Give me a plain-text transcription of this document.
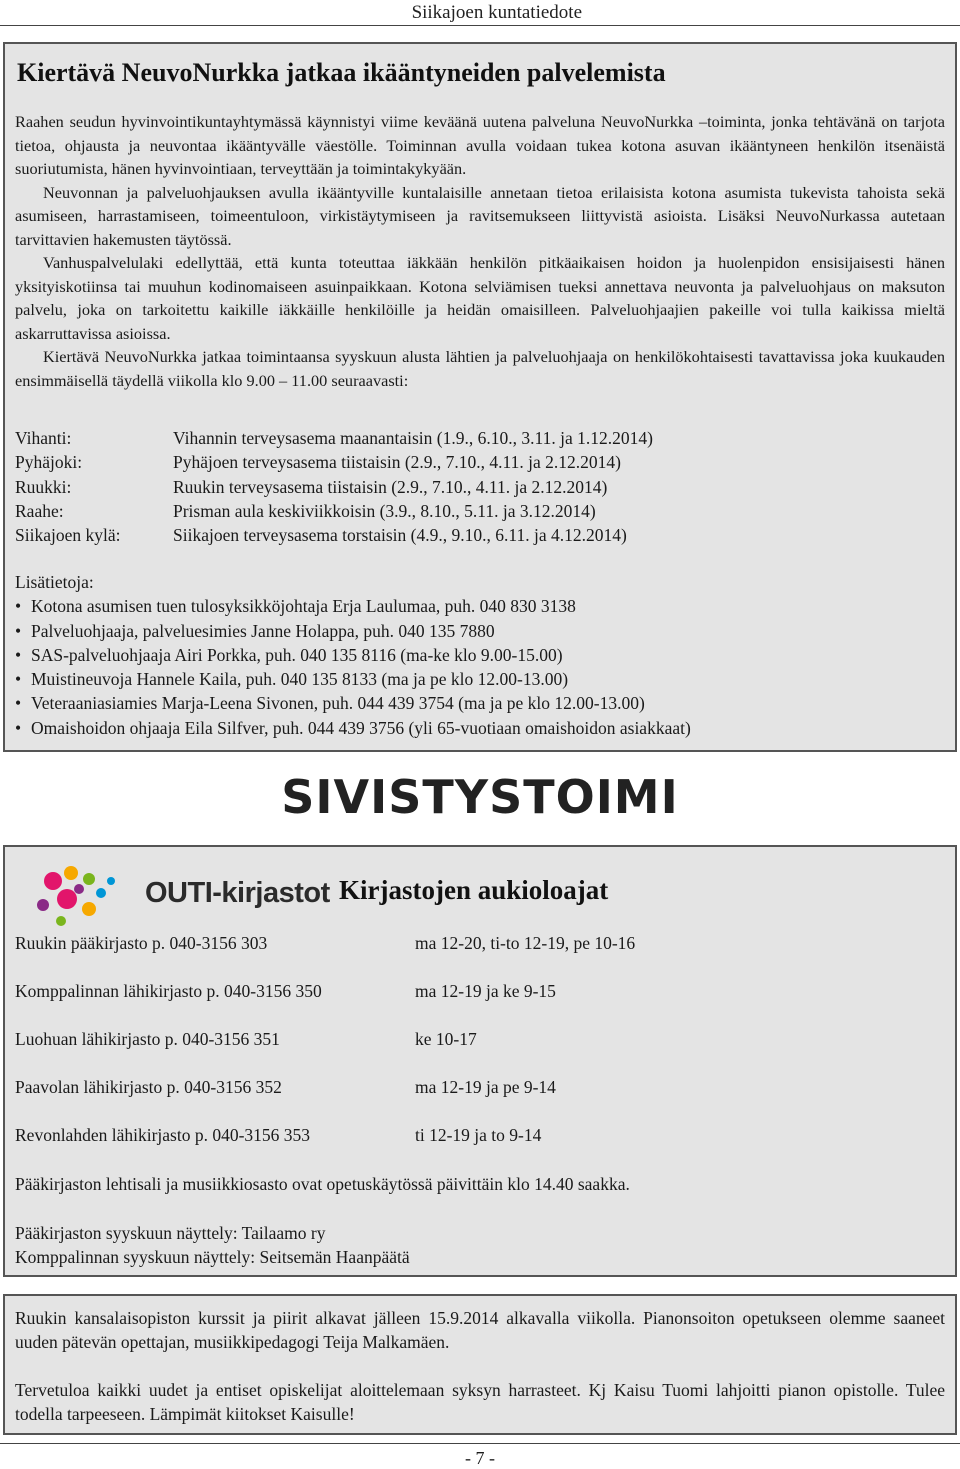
Siikajoen kuntatiedote
Kiertävä NeuvoNurkka jatkaa ikääntyneiden palvelemista

Raahen seudun hyvinvointikuntayhtymässä käynnistyi viime keväänä uutena palveluna NeuvoNurkka –toiminta, jonka tehtävänä on tarjota tietoa, ohjausta ja neuvontaa ikääntyvälle väestölle. Toiminnan avulla voidaan tukea kotona asuvan ikääntyneen henkilön itsenäistä suoriutumista, hänen hyvinvointiaan, terveyttään ja toimintakykyään.

Neuvonnan ja palveluohjauksen avulla ikääntyville kuntalaisille annetaan tietoa erilaisista kotona asumista tukevista tahoista sekä asumiseen, harrastamiseen, toimeentuloon, virkistäytymiseen ja ravitsemukseen liittyvistä asioista. Lisäksi NeuvoNurkassa autetaan tarvittavien hakemusten täytössä.

Vanhuspalvelulaki edellyttää, että kunta toteuttaa iäkkään henkilön pitkäaikaisen hoidon ja huolenpidon ensisijaisesti hänen yksityiskotiinsa tai muuhun kodinomaiseen asuinpaikkaan. Kotona selviämisen tueksi annettava neuvonta ja palveluohjaus on maksuton palvelu, joka on tarkoitettu kaikille iäkkäille henkilöille ja heidän omaisilleen. Palveluohjaajien pakeille voi tulla kaikissa mieltä askarruttavissa asioissa.

Kiertävä NeuvoNurkka jatkaa toimintaansa syyskuun alusta lähtien ja palveluohjaaja on henkilökohtaisesti tavattavissa joka kuukauden ensimmäisellä täydellä viikolla klo 9.00 – 11.00 seuraavasti:

Vihanti:	Vihannin terveysasema maanantaisin (1.9., 6.10., 3.11. ja 1.12.2014)
Pyhäjoki:	Pyhäjoen terveysasema tiistaisin (2.9., 7.10., 4.11. ja 2.12.2014)
Ruukki:	Ruukin terveysasema tiistaisin (2.9., 7.10., 4.11. ja 2.12.2014)
Raahe:	Prisman aula keskiviikkoisin (3.9., 8.10., 5.11. ja 3.12.2014)
Siikajoen kylä:	Siikajoen terveysasema torstaisin (4.9., 9.10., 6.11. ja 4.12.2014)
Lisätietoja:
• Kotona asumisen tuen tulosyksikköjohtaja Erja Laulumaa, puh. 040 830 3138
• Palveluohjaaja, palveluesimies Janne Holappa, puh. 040 135 7880
• SAS-palveluohjaaja Airi Porkka, puh. 040 135 8116 (ma-ke klo 9.00-15.00)
• Muistineuvoja Hannele Kaila, puh. 040 135 8133 (ma ja pe klo 12.00-13.00)
• Veteraaniasiamies Marja-Leena Sivonen, puh. 044 439 3754 (ma ja pe klo 12.00-13.00)
• Omaishoidon ohjaaja Eila Silfver, puh. 044 439 3756 (yli 65-vuotiaan omaishoidon asiakkaat)
SIVISTYSTOIMI
OUTI-kirjastot Kirjastojen aukioloajat
Ruukin pääkirjasto p. 040-3156 303	ma 12-20, ti-to 12-19, pe 10-16
Komppalinnan lähikirjasto p. 040-3156 350	ma 12-19 ja ke 9-15
Luohuan lähikirjasto p. 040-3156 351	ke 10-17
Paavolan lähikirjasto p. 040-3156 352	ma 12-19 ja pe 9-14
Revonlahden lähikirjasto p. 040-3156 353	ti 12-19 ja to 9-14
Pääkirjaston lehtisali ja musiikkiosasto ovat opetuskäytössä päivittäin klo 14.40 saakka.
Pääkirjaston syyskuun näyttely: Tailaamo ry
Komppalinnan syyskuun näyttely: Seitsemän Haanpäätä
Ruukin kansalaisopiston kurssit ja piirit alkavat jälleen 15.9.2014 alkavalla viikolla. Pianonsoiton opetukseen olemme saaneet uuden pätevän opettajan, musiikkipedagogi Teija Malkamäen.
Tervetuloa kaikki uudet ja entiset opiskelijat aloittelemaan syksyn harrasteet. Kj Kaisu Tuomi lahjoitti pianon opistolle. Tulee todella tarpeeseen. Lämpimät kiitokset Kaisulle!
- 7 -
